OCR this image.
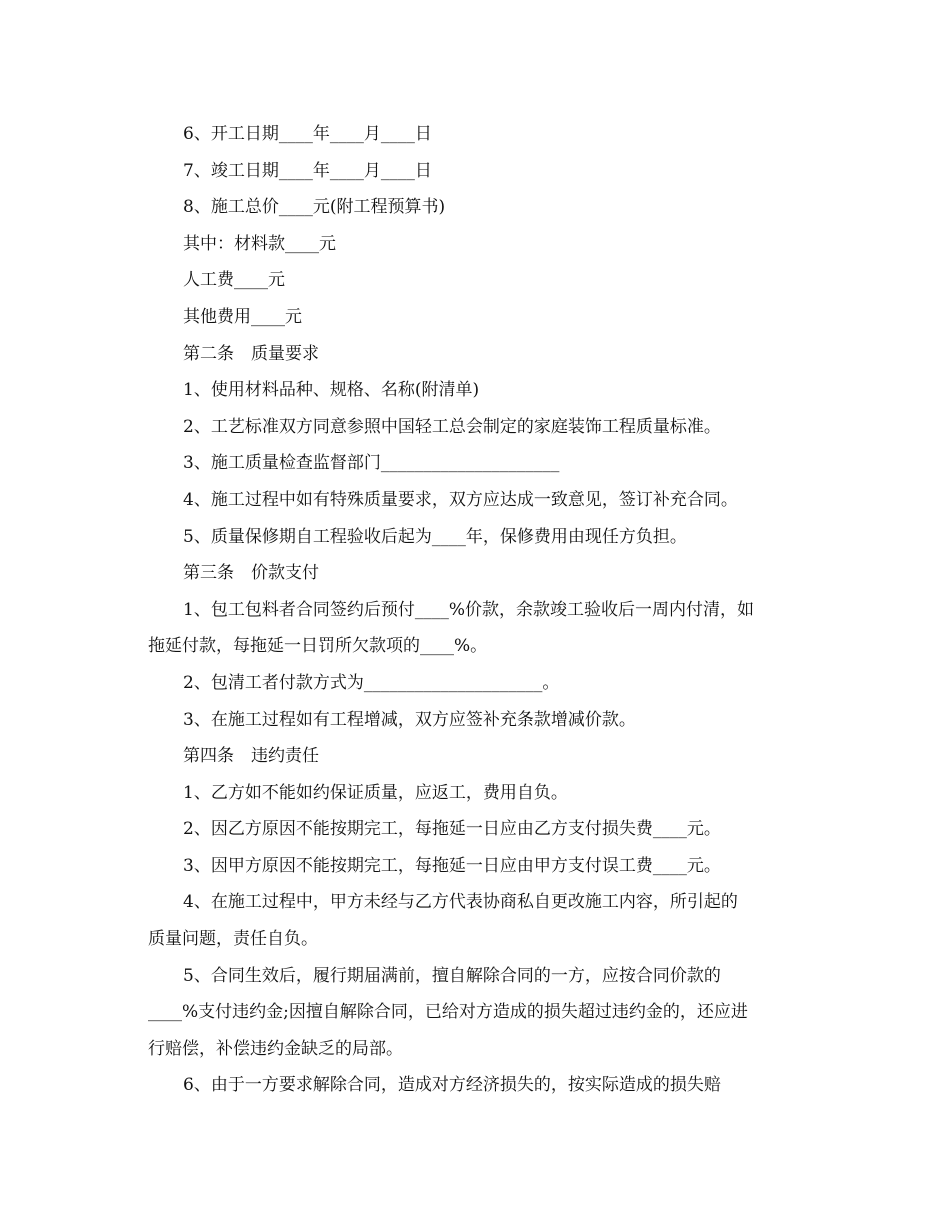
6、开工日期____年____月____日

7、竣工日期____年____月____日

8、施工总价____元(附工程预算书)

其中：材料款____元

人工费____元

其他费用____元

第二条　质量要求

1、使用材料品种、规格、名称(附清单)

2、工艺标准双方同意参照中国轻工总会制定的家庭装饰工程质量标准。

3、施工质量检查监督部门_____________________

4、施工过程中如有特殊质量要求，双方应达成一致意见，签订补充合同。

5、质量保修期自工程验收后起为____年，保修费用由现任方负担。

第三条　价款支付

1、包工包料者合同签约后预付____%价款，余款竣工验收后一周内付清，如

拖延付款，每拖延一日罚所欠款项的____%。

2、包清工者付款方式为_____________________。

3、在施工过程如有工程增减，双方应签补充条款增减价款。

第四条　违约责任

1、乙方如不能如约保证质量，应返工，费用自负。

2、因乙方原因不能按期完工，每拖延一日应由乙方支付损失费____元。

3、因甲方原因不能按期完工，每拖延一日应由甲方支付误工费____元。

4、在施工过程中，甲方未经与乙方代表协商私自更改施工内容，所引起的

质量问题，责任自负。

5、合同生效后，履行期届满前，擅自解除合同的一方，应按合同价款的

____%支付违约金;因擅自解除合同，已给对方造成的损失超过违约金的，还应进

行赔偿，补偿违约金缺乏的局部。

6、由于一方要求解除合同，造成对方经济损失的，按实际造成的损失赔
